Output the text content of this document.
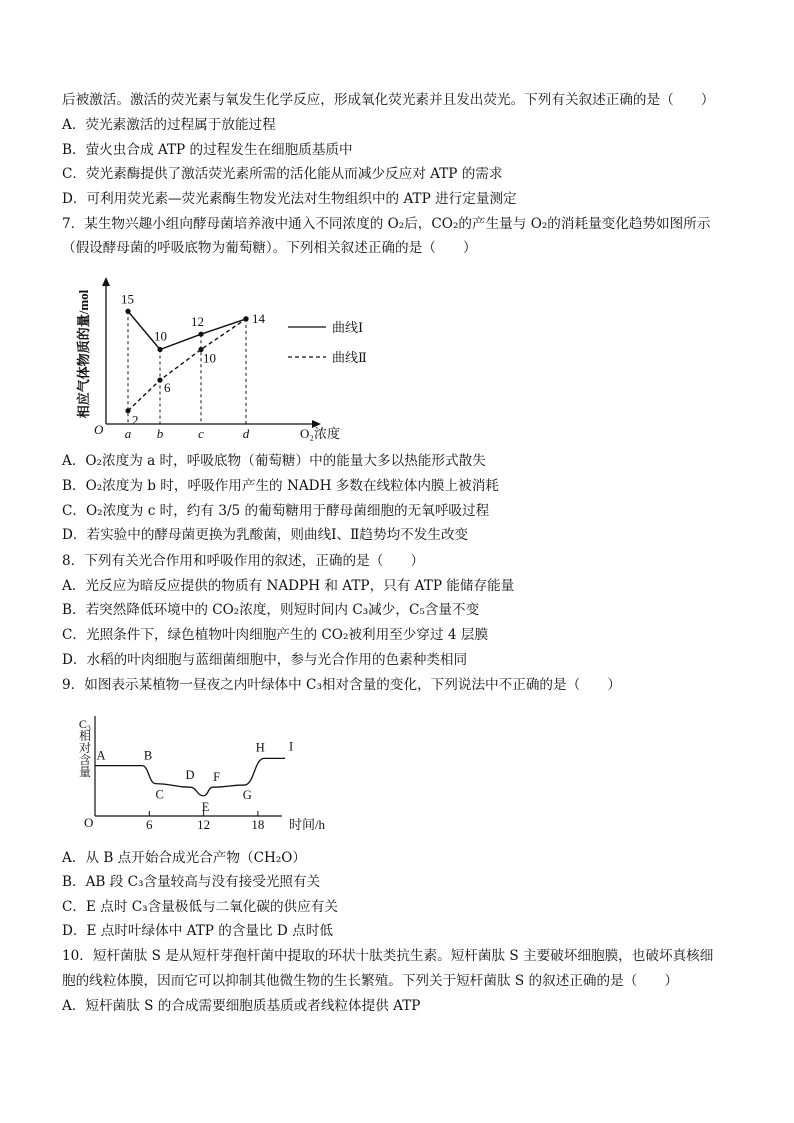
后被激活。激活的荧光素与氧发生化学反应，形成氧化荧光素并且发出荧光。下列有关叙述正确的是（　　）
A．荧光素激活的过程属于放能过程
B．萤火虫合成 ATP 的过程发生在细胞质基质中
C．荧光素酶提供了激活荧光素所需的活化能从而减少反应对 ATP 的需求
D．可利用荧光素—荧光素酶生物发光法对生物组织中的 ATP 进行定量测定
7．某生物兴趣小组向酵母菌培养液中通入不同浓度的 O₂后，CO₂的产生量与 O₂的消耗量变化趋势如图所示
（假设酵母菌的呼吸底物为葡萄糖）。下列相关叙述正确的是（　　）
相应气体物质的量/mol
O	O₂浓度
a b	c	d
15
10
12	14
2
6
10
曲线Ⅰ
曲线Ⅱ
A．O₂浓度为 a 时，呼吸底物（葡萄糖）中的能量大多以热能形式散失
B．O₂浓度为 b 时，呼吸作用产生的 NADH 多数在线粒体内膜上被消耗
C．O₂浓度为 c 时，约有 3/5 的葡萄糖用于酵母菌细胞的无氧呼吸过程
D．若实验中的酵母菌更换为乳酸菌，则曲线Ⅰ、Ⅱ趋势均不发生改变
8．下列有关光合作用和呼吸作用的叙述，正确的是（　　）
A．光反应为暗反应提供的物质有 NADPH 和 ATP，只有 ATP 能储存能量
B．若突然降低环境中的 CO₂浓度，则短时间内 C₃减少，C₅含量不变
C．光照条件下，绿色植物叶肉细胞产生的 CO₂被利用至少穿过 4 层膜
D．水稻的叶肉细胞与蓝细菌细胞中，参与光合作用的色素种类相同
9．如图表示某植物一昼夜之内叶绿体中 C₃相对含量的变化，下列说法中不正确的是（　　）
C₃
相
对
含
量
O	时间/h
6	12	18
A	B
C
D
E
F
G
H I
A．从 B 点开始合成光合产物（CH₂O）
B．AB 段 C₃含量较高与没有接受光照有关
C．E 点时 C₃含量极低与二氧化碳的供应有关
D．E 点时叶绿体中 ATP 的含量比 D 点时低
10．短杆菌肽 S 是从短杆芽孢杆菌中提取的环状十肽类抗生素。短杆菌肽 S 主要破坏细胞膜，也破坏真核细
胞的线粒体膜，因而它可以抑制其他微生物的生长繁殖。下列关于短杆菌肽 S 的叙述正确的是（　　）
A．短杆菌肽 S 的合成需要细胞质基质或者线粒体提供 ATP
